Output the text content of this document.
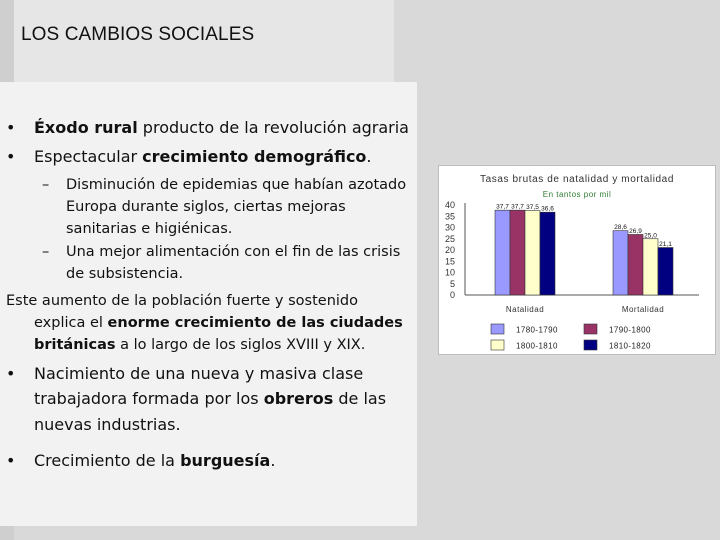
LOS CAMBIOS SOCIALES
• Éxodo rural producto de la revolución agraria
• Espectacular crecimiento demográfico.
– Disminución de epidemias que habían azotado
Europa durante siglos, ciertas mejoras
sanitarias e higiénicas.
– Una mejor alimentación con el fin de las crisis
de subsistencia.
Este aumento de la población fuerte y sostenido
explica el enorme crecimiento de las ciudades
británicas a lo largo de los siglos XVIII y XIX.
• Nacimiento de una nueva y masiva clase
trabajadora formada por los obreros de las
nuevas industrias.
• Crecimiento de la burguesía.
Tasas brutas de natalidad y mortalidad
En tantos por mil
0
5
10
15
20
25
30
35
40	37,7 37,7 37,5 36,6
Natalidad
28,6
26,9
25,0
21,1
Mortalidad
1780-1790	1790-1800
1800-1810	1810-1820
